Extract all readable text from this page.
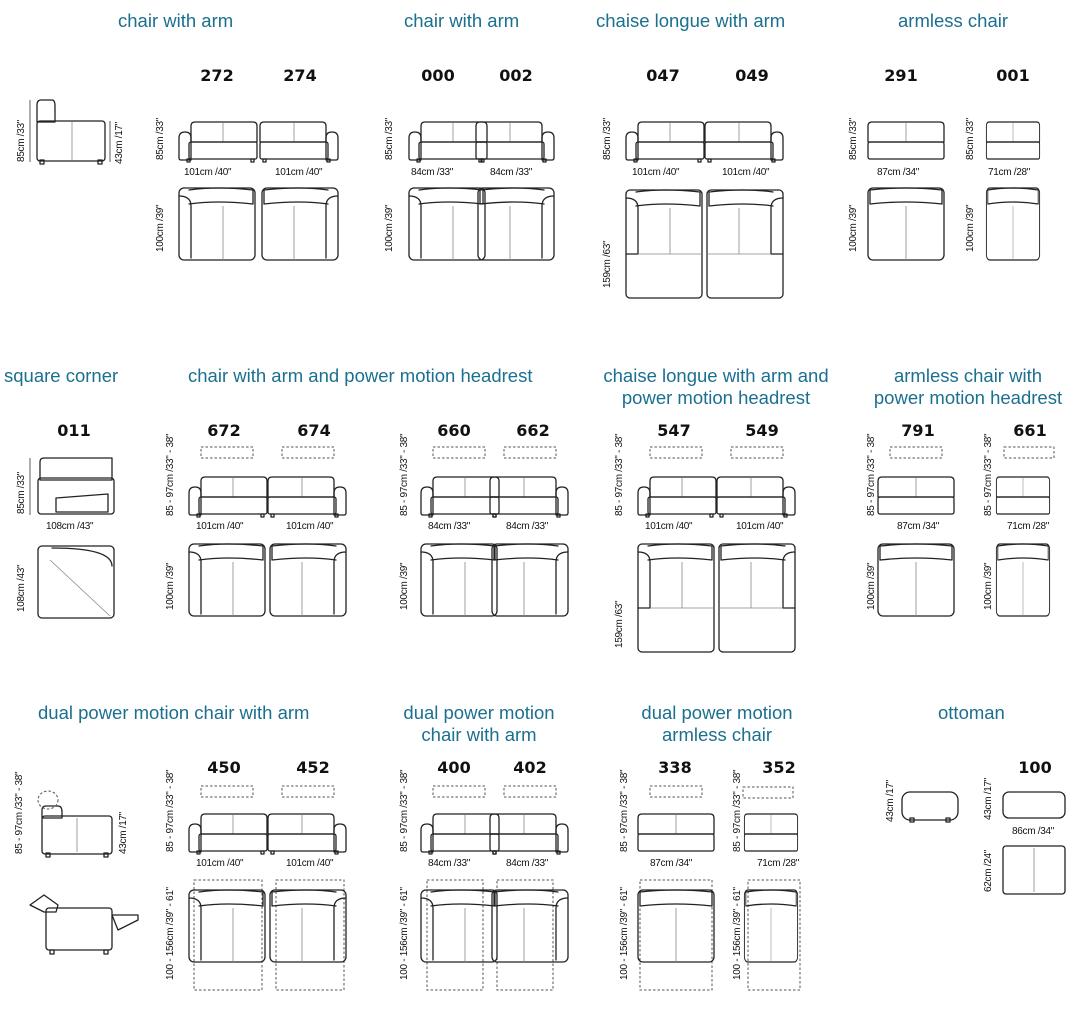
chair with arm	chair with arm	chaise longue with arm	armless chair
square corner	chair with arm and power motion headrest	chaise longue with arm and
power motion headrest
armless chair with
power motion headrest
dual power motion chair with arm	dual power motion
chair with arm
dual power motion
armless chair
ottoman
272	274	000	002	047	049	291	001
011	672	674	660	662	547	549	791	661
450	452	400	402	338	352	100
101cm /40"	101cm /40"	84cm /33"	84cm /33"	101cm /40"	101cm /40"	87cm /34"	71cm /28"
108cm /43"	101cm /40"	101cm /40"	84cm /33"	84cm /33"	101cm /40"	101cm /40"	87cm /34"	71cm /28"
101cm /40"	101cm /40"	84cm /33"	84cm /33"	87cm /34"	71cm /28"
86cm /34"
85cm /33"	43cm /17"	85cm /33"
100cm /39"
85cm /33"
100cm /39"
85cm /33"
159cm /63"
85cm /33"
100cm /39"
85cm /33"
100cm /39"
85cm /33"
108cm /43"
85 - 97cm /33" - 38"
100cm /39"
85 - 97cm /33" - 38"
100cm /39"
85 - 97cm /33" - 38"
159cm /63"
85 - 97cm /33" - 38"
100cm /39"
85 - 97cm /33" - 38"
100cm /39"
85 - 97cm /33" - 38"	43cm /17"	85 - 97cm /33" - 38"
100 - 156cm /39" - 61"
85 - 97cm /33" - 38"
100 - 156cm /39" - 61"
85 - 97cm /33" - 38"
100 - 156cm /39" - 61"
85 - 97cm /33" - 38"
100 - 156cm /39" - 61"
43cm /17"	43cm /17"
62cm /24"
